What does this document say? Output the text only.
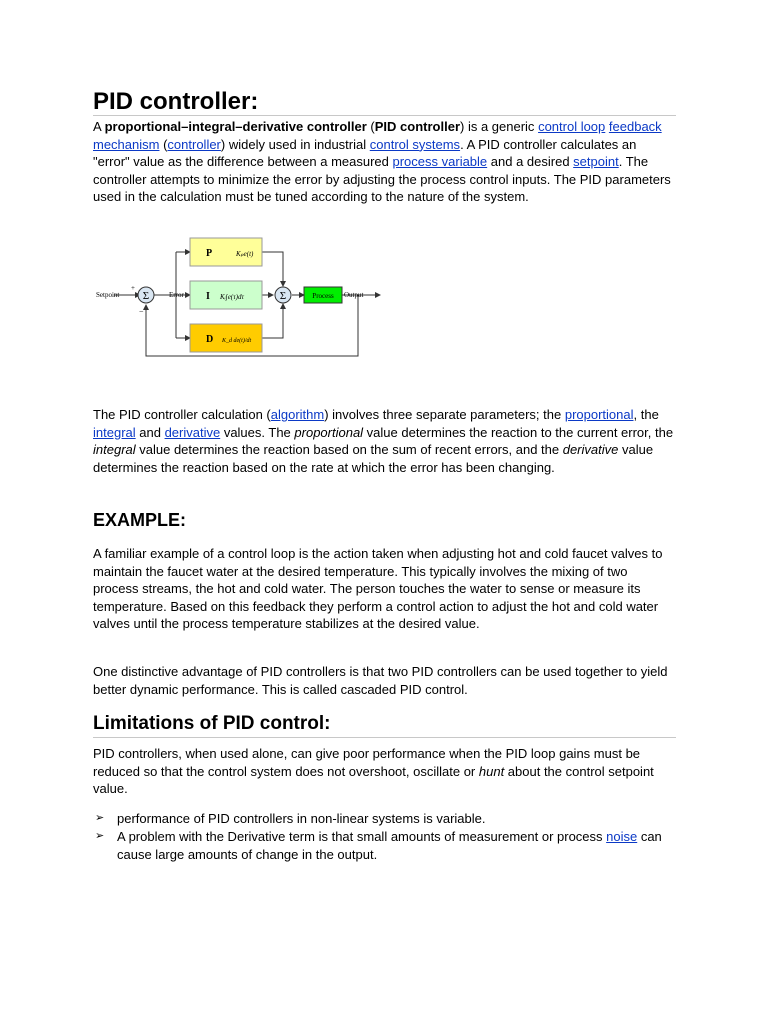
PID controller:

A proportional–integral–derivative controller (PID controller) is a generic control loop feedback mechanism (controller) widely used in industrial control systems. A PID controller calculates an "error" value as the difference between a measured process variable and a desired setpoint. The controller attempts to minimize the error by adjusting the process control inputs. The PID parameters used in the calculation must be tuned according to the nature of the system.

The PID controller calculation (algorithm) involves three separate parameters; the proportional, the integral and derivative values. The proportional value determines the reaction to the current error, the integral value determines the reaction based on the sum of recent errors, and the derivative value determines the reaction based on the rate at which the error has been changing.

EXAMPLE:

A familiar example of a control loop is the action taken when adjusting hot and cold faucet valves to maintain the faucet water at the desired temperature. This typically involves the mixing of two process streams, the hot and cold water. The person touches the water to sense or measure its temperature. Based on this feedback they perform a control action to adjust the hot and cold water valves until the process temperature stabilizes at the desired value.

One distinctive advantage of PID controllers is that two PID controllers can be used together to yield better dynamic performance. This is called cascaded PID control.

Limitations of PID control:

PID controllers, when used alone, can give poor performance when the PID loop gains must be reduced so that the control system does not overshoot, oscillate or hunt about the control setpoint value.

➢ performance of PID controllers in non-linear systems is variable.
➢ A problem with the Derivative term is that small amounts of measurement or process noise can cause large amounts of change in the output.
Σ	Σ
Setpoint
+
−
Error	Output
P	Kₚe(t)
I Kᵢ∫e(τ)dτ
D K_d de(t)/dt
Process
